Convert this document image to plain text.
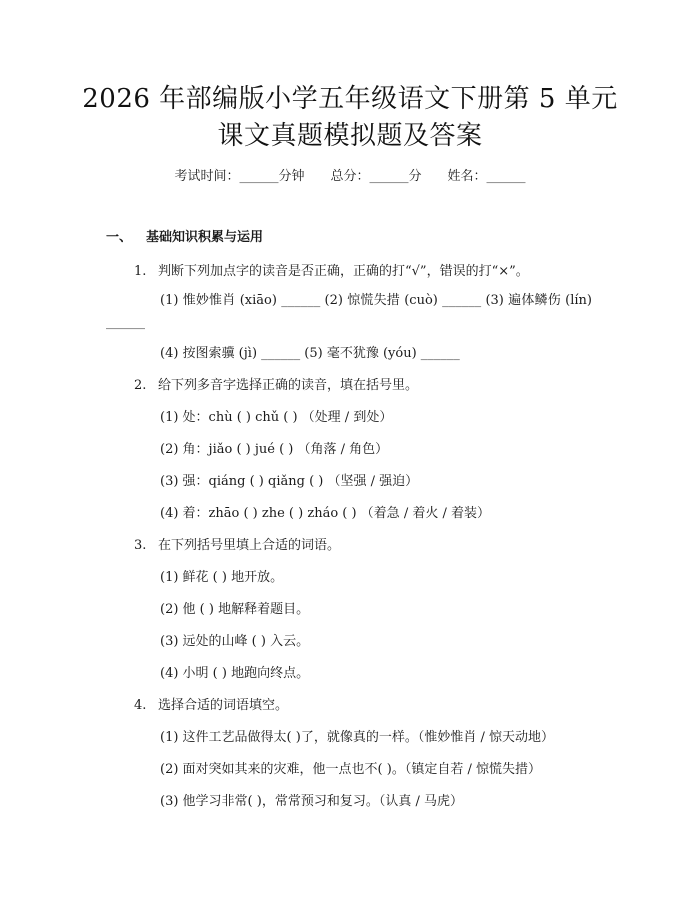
2026 年部编版小学五年级语文下册第 5 单元
课文真题模拟题及答案
考试时间：______分钟　　总分：______分　　姓名：______
一、 基础知识积累与运用
1. 判断下列加点字的读音是否正确，正确的打“√”，错误的打“×”。
(1) 惟妙惟肖 (xiāo) ______ (2) 惊慌失措 (cuò) ______ (3) 遍体鳞伤 (lín) ______
(4) 按图索骥 (jì) ______ (5) 毫不犹豫 (yóu) ______
2. 给下列多音字选择正确的读音，填在括号里。
(1) 处：chù ( ) chǔ ( ) （处理 / 到处）
(2) 角：jiǎo ( ) jué ( ) （角落 / 角色）
(3) 强：qiáng ( ) qiǎng ( ) （坚强 / 强迫）
(4) 着：zhāo ( ) zhe ( ) zháo ( ) （着急 / 着火 / 着装）
3. 在下列括号里填上合适的词语。
(1) 鲜花 ( ) 地开放。
(2) 他 ( ) 地解释着题目。
(3) 远处的山峰 ( ) 入云。
(4) 小明 ( ) 地跑向终点。
4. 选择合适的词语填空。
(1) 这件工艺品做得太( )了，就像真的一样。（惟妙惟肖 / 惊天动地）
(2) 面对突如其来的灾难，他一点也不( )。（镇定自若 / 惊慌失措）
(3) 他学习非常( )，常常预习和复习。（认真 / 马虎）
